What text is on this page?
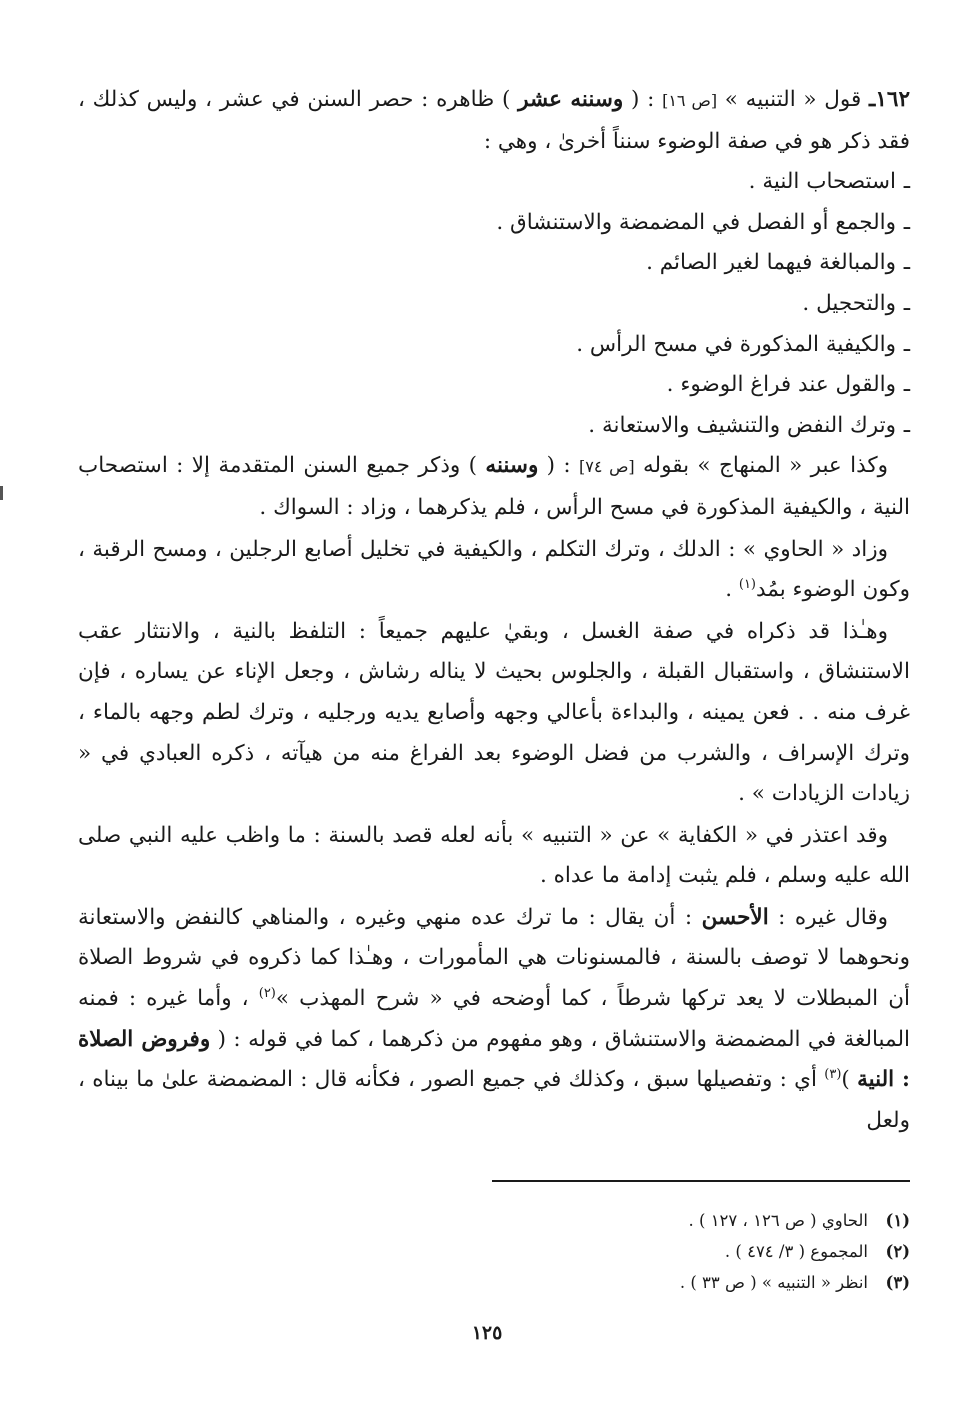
١٦٢ـ قول « التنبيه » [ص ١٦] : ( وسننه عشر ) ظاهره : حصر السنن في عشر ، وليس كذلك ، فقد ذكر هو في صفة الوضوء سنناً أخرىٰ ، وهي :

ـاستصحاب النية .
ـوالجمع أو الفصل في المضمضة والاستنشاق .
ـوالمبالغة فيهما لغير الصائم .
ـوالتحجيل .
ـوالكيفية المذكورة في مسح الرأس .
ـوالقول عند فراغ الوضوء .
ـوترك النفض والتنشيف والاستعانة .

وكذا عبر « المنهاج » بقوله [ص ٧٤] : ( وسننه ) وذكر جميع السنن المتقدمة إلا : استصحاب النية ، والكيفية المذكورة في مسح الرأس ، فلم يذكرهما ، وزاد : السواك .

وزاد « الحاوي » : الدلك ، وترك التكلم ، والكيفية في تخليل أصابع الرجلين ، ومسح الرقبة ، وكون الوضوء بمُد$^{(١)}$ .

وهـٰذا قد ذكراه في صفة الغسل ، وبقيٰ عليهم جميعاً : التلفظ بالنية ، والانتثار عقب الاستنشاق ، واستقبال القبلة ، والجلوس بحيث لا يناله رشاش ، وجعل الإناء عن يساره ، فإن غرف منه . . فعن يمينه ، والبداءة بأعالي وجهه وأصابع يديه ورجليه ، وترك لطم وجهه بالماء ، وترك الإسراف ، والشرب من فضل الوضوء بعد الفراغ منه من هيآته ، ذكره العبادي في « زيادات الزيادات » .

وقد اعتذر في « الكفاية » عن « التنبيه » بأنه لعله قصد بالسنة : ما واظب عليه النبي صلى الله عليه وسلم ، فلم يثبت إدامة ما عداه .

وقال غيره : الأحسن : أن يقال : ما ترك عده منهي وغيره ، والمناهي كالنفض والاستعانة ونحوهما لا توصف بالسنة ، فالمسنونات هي المأمورات ، وهـٰذا كما ذكروه في شروط الصلاة أن المبطلات لا يعد تركها شرطاً ، كما أوضحه في « شرح المهذب »$^{(٢)}$ ، وأما غيره : فمنه المبالغة في المضمضة والاستنشاق ، وهو مفهوم من ذكرهما ، كما في قوله : ( وفروض الصلاة : النية )$^{(٣)}$ أي : وتفصيلها سبق ، وكذلك في جميع الصور ، فكأنه قال : المضمضة علىٰ ما بيناه ، ولعل

(١)الحاوي ( ص ١٢٦ ، ١٢٧ ) .
(٢)المجموع ( ٣/ ٤٧٤ ) .
(٣)انظر « التنبيه » ( ص ٣٣ ) .
١٢٥
